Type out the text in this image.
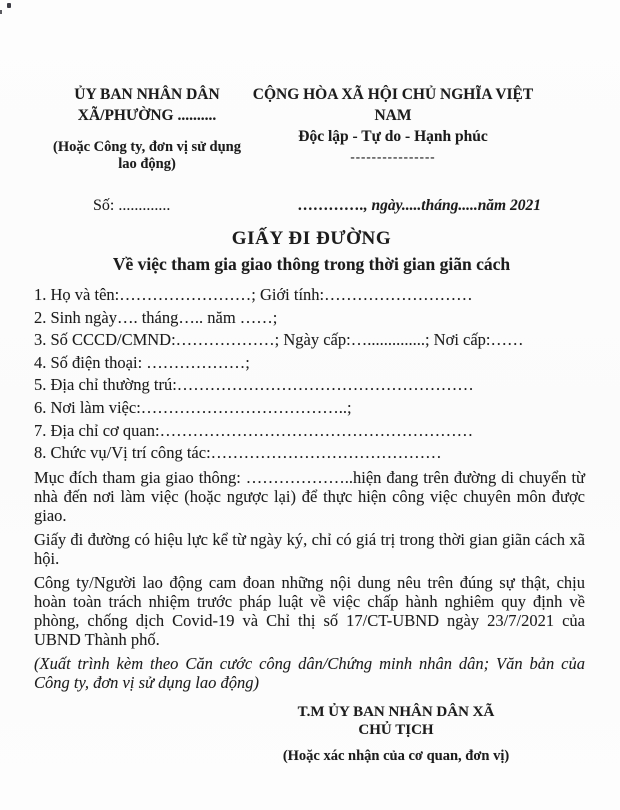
ỦY BAN NHÂN DÂN
XÃ/PHƯỜNG ..........
(Hoặc Công ty, đơn vị sử dụng lao động)
CỘNG HÒA XÃ HỘI CHỦ NGHĨA VIỆT NAM
Độc lập - Tự do - Hạnh phúc
----------------
Số: .............	…………., ngày.....tháng.....năm 2021
GIẤY ĐI ĐƯỜNG
Về việc tham gia giao thông trong thời gian giãn cách
1. Họ và tên:……………………; Giới tính:………………………
2. Sinh ngày…. tháng….. năm ……;
3. Số CCCD/CMND:………………; Ngày cấp:…..............; Nơi cấp:……
4. Số điện thoại: ………………;
5. Địa chỉ thường trú:………………………………………………
6. Nơi làm việc:………………………………..;
7. Địa chỉ cơ quan:…………………………………………………
8. Chức vụ/Vị trí công tác:……………………………………
Mục đích tham gia giao thông: ………………..hiện đang trên đường di chuyển từ nhà đến nơi làm việc (hoặc ngược lại) để thực hiện công việc chuyên môn được giao.
Giấy đi đường có hiệu lực kể từ ngày ký, chỉ có giá trị trong thời gian giãn cách xã hội.
Công ty/Người lao động cam đoan những nội dung nêu trên đúng sự thật, chịu hoàn toàn trách nhiệm trước pháp luật về việc chấp hành nghiêm quy định về phòng, chống dịch Covid-19 và Chỉ thị số 17/CT-UBND ngày 23/7/2021 của UBND Thành phố.
(Xuất trình kèm theo Căn cước công dân/Chứng minh nhân dân; Văn bản của Công ty, đơn vị sử dụng lao động)
T.M ỦY BAN NHÂN DÂN XÃ
CHỦ TỊCH
(Hoặc xác nhận của cơ quan, đơn vị)
